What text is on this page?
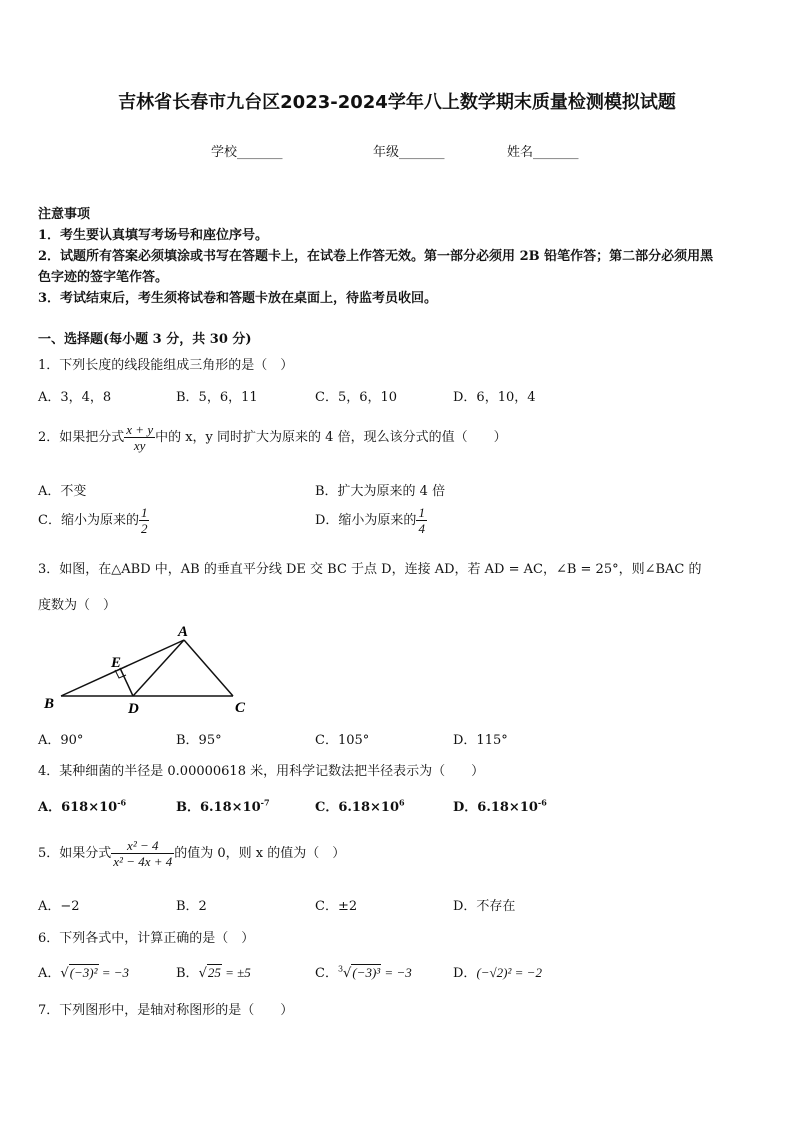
吉林省长春市九台区2023-2024学年八上数学期末质量检测模拟试题
学校_______	年级_______	姓名_______
注意事项
1．考生要认真填写考场号和座位序号。
2．试题所有答案必须填涂或书写在答题卡上，在试卷上作答无效。第一部分必须用 2B 铅笔作答；第二部分必须用黑
色字迹的签字笔作答。
3．考试结束后，考生须将试卷和答题卡放在桌面上，待监考员收回。
一、选择题(每小题 3 分，共 30 分)
1．下列长度的线段能组成三角形的是（　）
A．3，4，8	B．5，6，11	C．5，6，10	D．6，10，4
2．如果把分式 $\frac{x + y}{xy}$ 中的 x，y 同时扩大为原来的 4 倍，现么该分式的值（　　）
A．不变	B．扩大为原来的 4 倍
C．缩小为原来的 $\frac{1}{2}$	D．缩小为原来的 $\frac{1}{4}$
3．如图，在△ABD 中，AB 的垂直平分线 DE 交 BC 于点 D，连接 AD，若 AD = AC，∠B = 25°，则∠BAC 的
度数为（　）
A
B	C
D
E
A．90°	B．95°	C．105°	D．115°
4．某种细菌的半径是 0.00000618 米，用科学记数法把半径表示为（　　）
A．$618\times 10^{-6}$	B．$6.18\times 10^{-7}$	C．$6.18\times 10^6$	D．$6.18\times 10^{-6}$
5．如果分式 $\frac{\text{x² − 4}}{\text{x² − 4x + 4}}$ 的值为 0，则 x 的值为（　）
A．−2	B．2	C．±2	D．不存在
6．下列各式中，计算正确的是（　）
A．√(−3)² = −3	B．√25 = ±5	C．$^3$√(−3)³ = −3	D．(−√2)² = −2
7．下列图形中，是轴对称图形的是（　　）
